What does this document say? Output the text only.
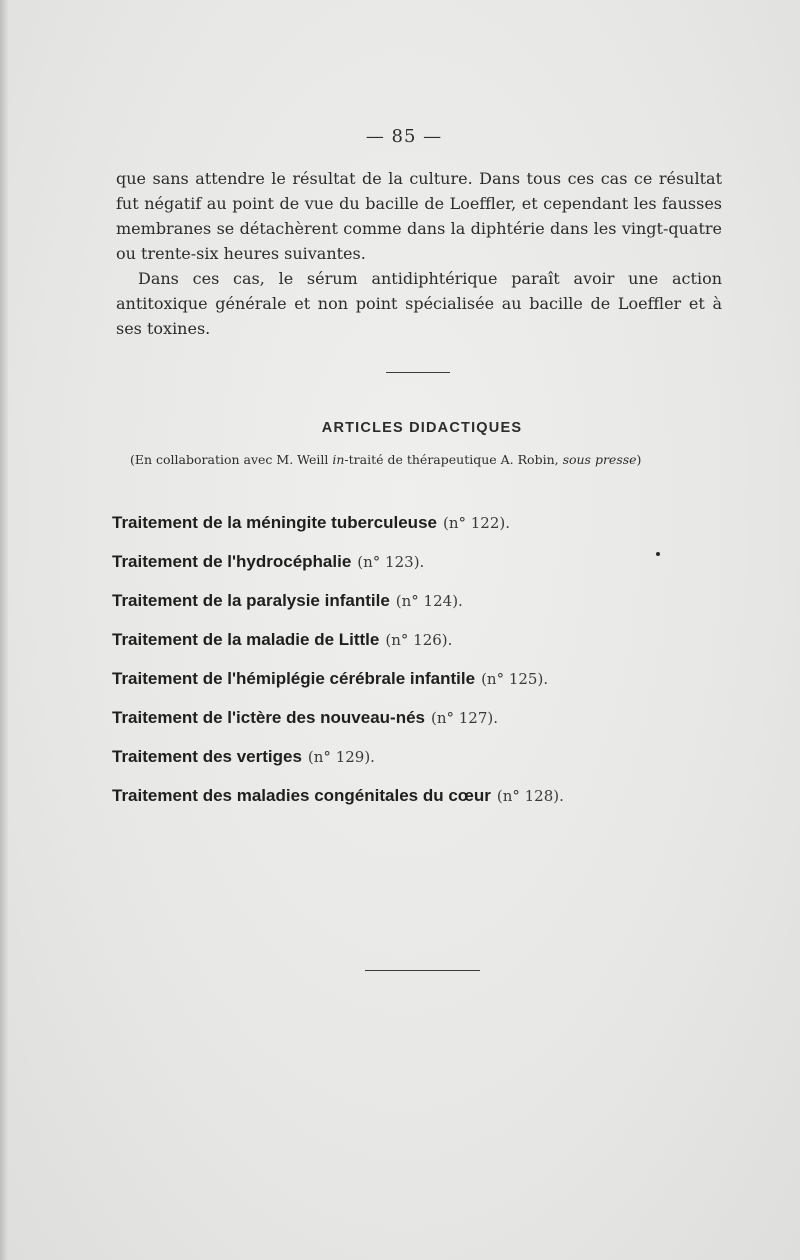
— 85 —

que sans attendre le résultat de la culture. Dans tous ces cas ce résultat fut négatif au point de vue du bacille de Loeffler, et cependant les fausses membranes se détachèrent comme dans la diphtérie dans les vingt-quatre ou trente-six heures suivantes.

Dans ces cas, le sérum antidiphtérique paraît avoir une action antitoxique générale et non point spécialisée au bacille de Loeffler et à ses toxines.

ARTICLES DIDACTIQUES
(En collaboration avec M. Weill in-traité de thérapeutique A. Robin, sous presse)
Traitement de la méningite tuberculeuse (n° 122).
Traitement de l'hydrocéphalie (n° 123).
Traitement de la paralysie infantile (n° 124).
Traitement de la maladie de Little (n° 126).
Traitement de l'hémiplégie cérébrale infantile (n° 125).
Traitement de l'ictère des nouveau-nés (n° 127).
Traitement des vertiges (n° 129).
Traitement des maladies congénitales du cœur (n° 128).
